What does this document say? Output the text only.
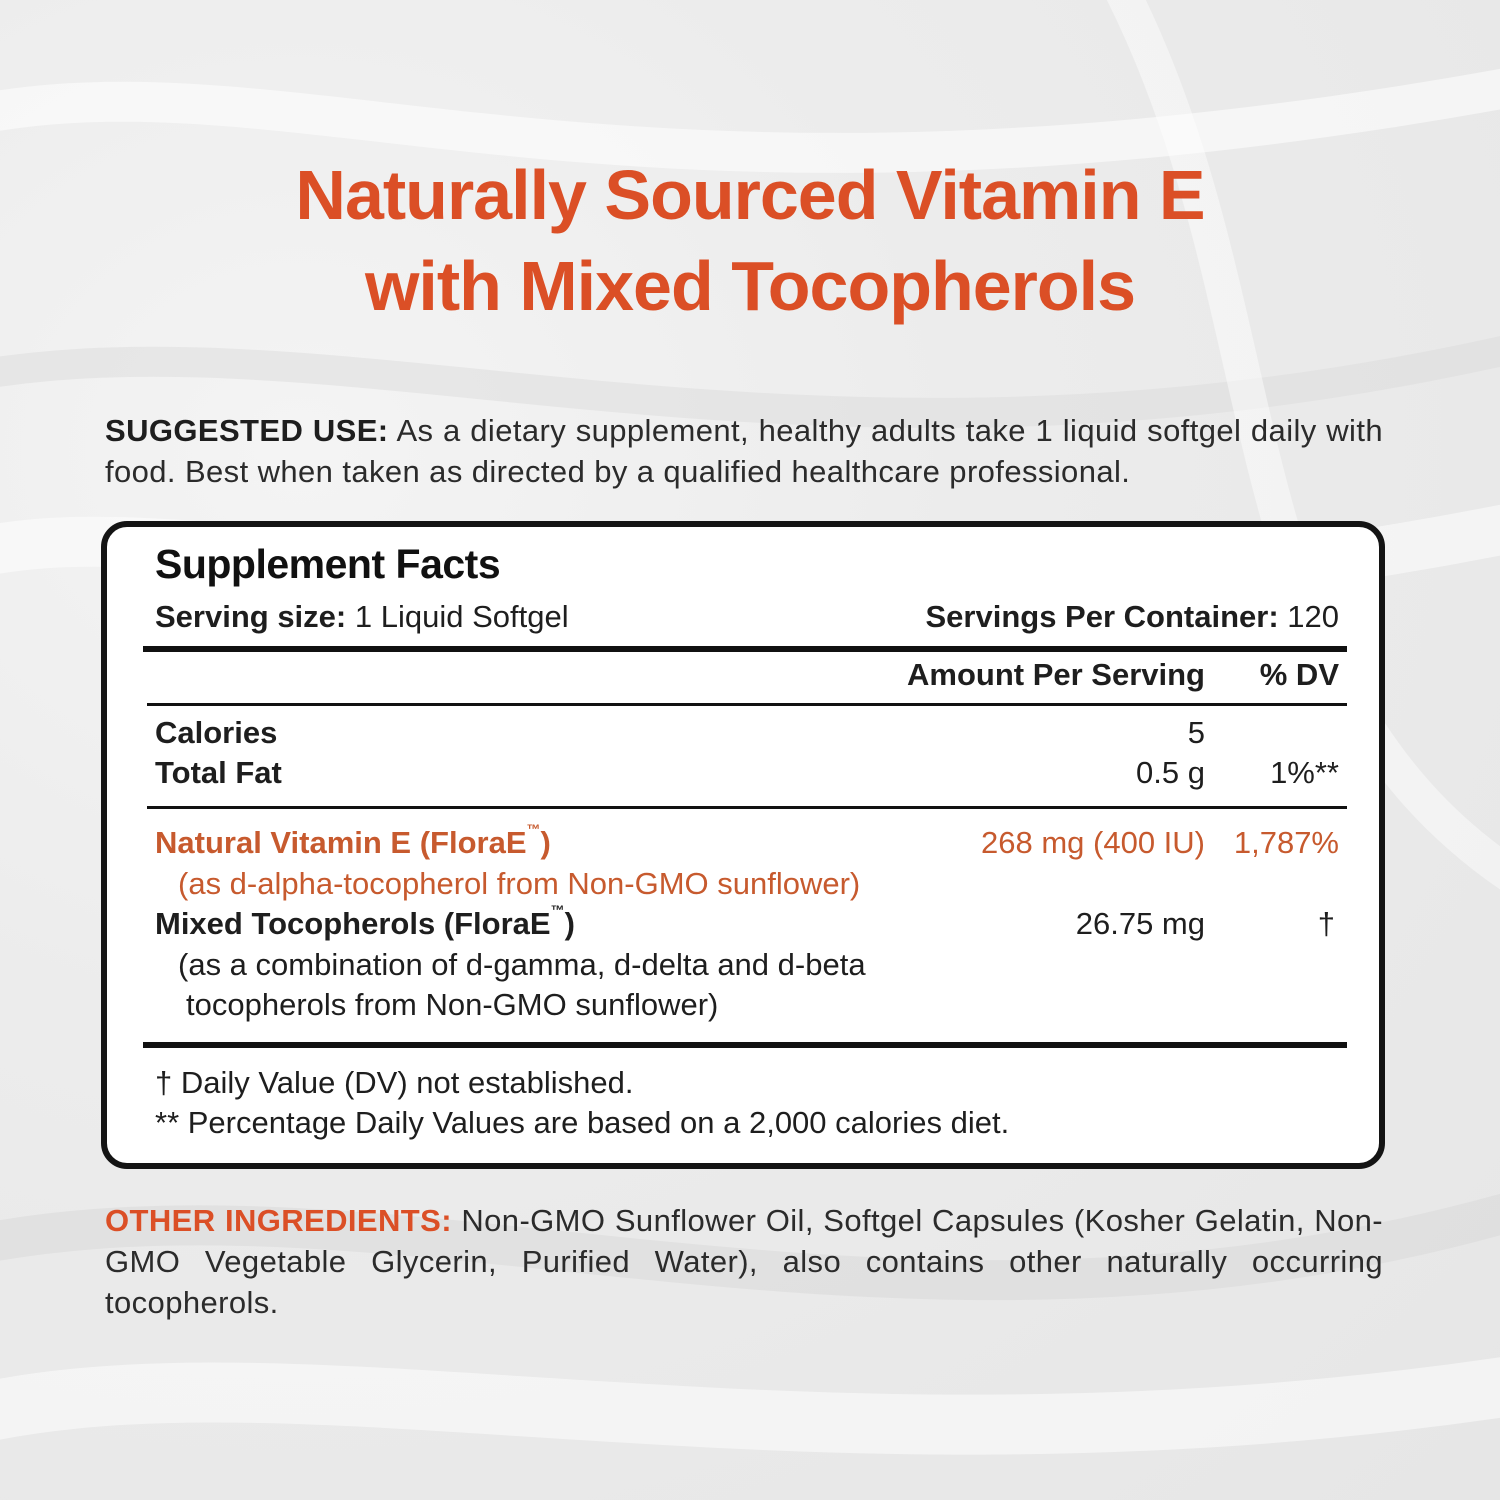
Naturally Sourced Vitamin E
with Mixed Tocopherols
SUGGESTED USE: As a dietary supplement, healthy adults take 1 liquid softgel daily with food. Best when taken as directed by a qualified healthcare professional.
Supplement Facts
Serving size: 1 Liquid Softgel	Servings Per Container: 120
Amount Per Serving % DV
Calories	5
Total Fat	0.5 g 1%**
Natural Vitamin E (FloraE™)	268 mg (400 IU) 1,787%
(as d-alpha-tocopherol from Non-GMO sunflower)
Mixed Tocopherols (FloraE™)	26.75 mg	†
(as a combination of d-gamma, d-delta and d-beta
tocopherols from Non-GMO sunflower)
† Daily Value (DV) not established.
** Percentage Daily Values are based on a 2,000 calories diet.
OTHER INGREDIENTS: Non-GMO Sunflower Oil, Softgel Capsules (Kosher Gelatin, Non-GMO Vegetable Glycerin, Purified Water), also contains other naturally occurring tocopherols.
